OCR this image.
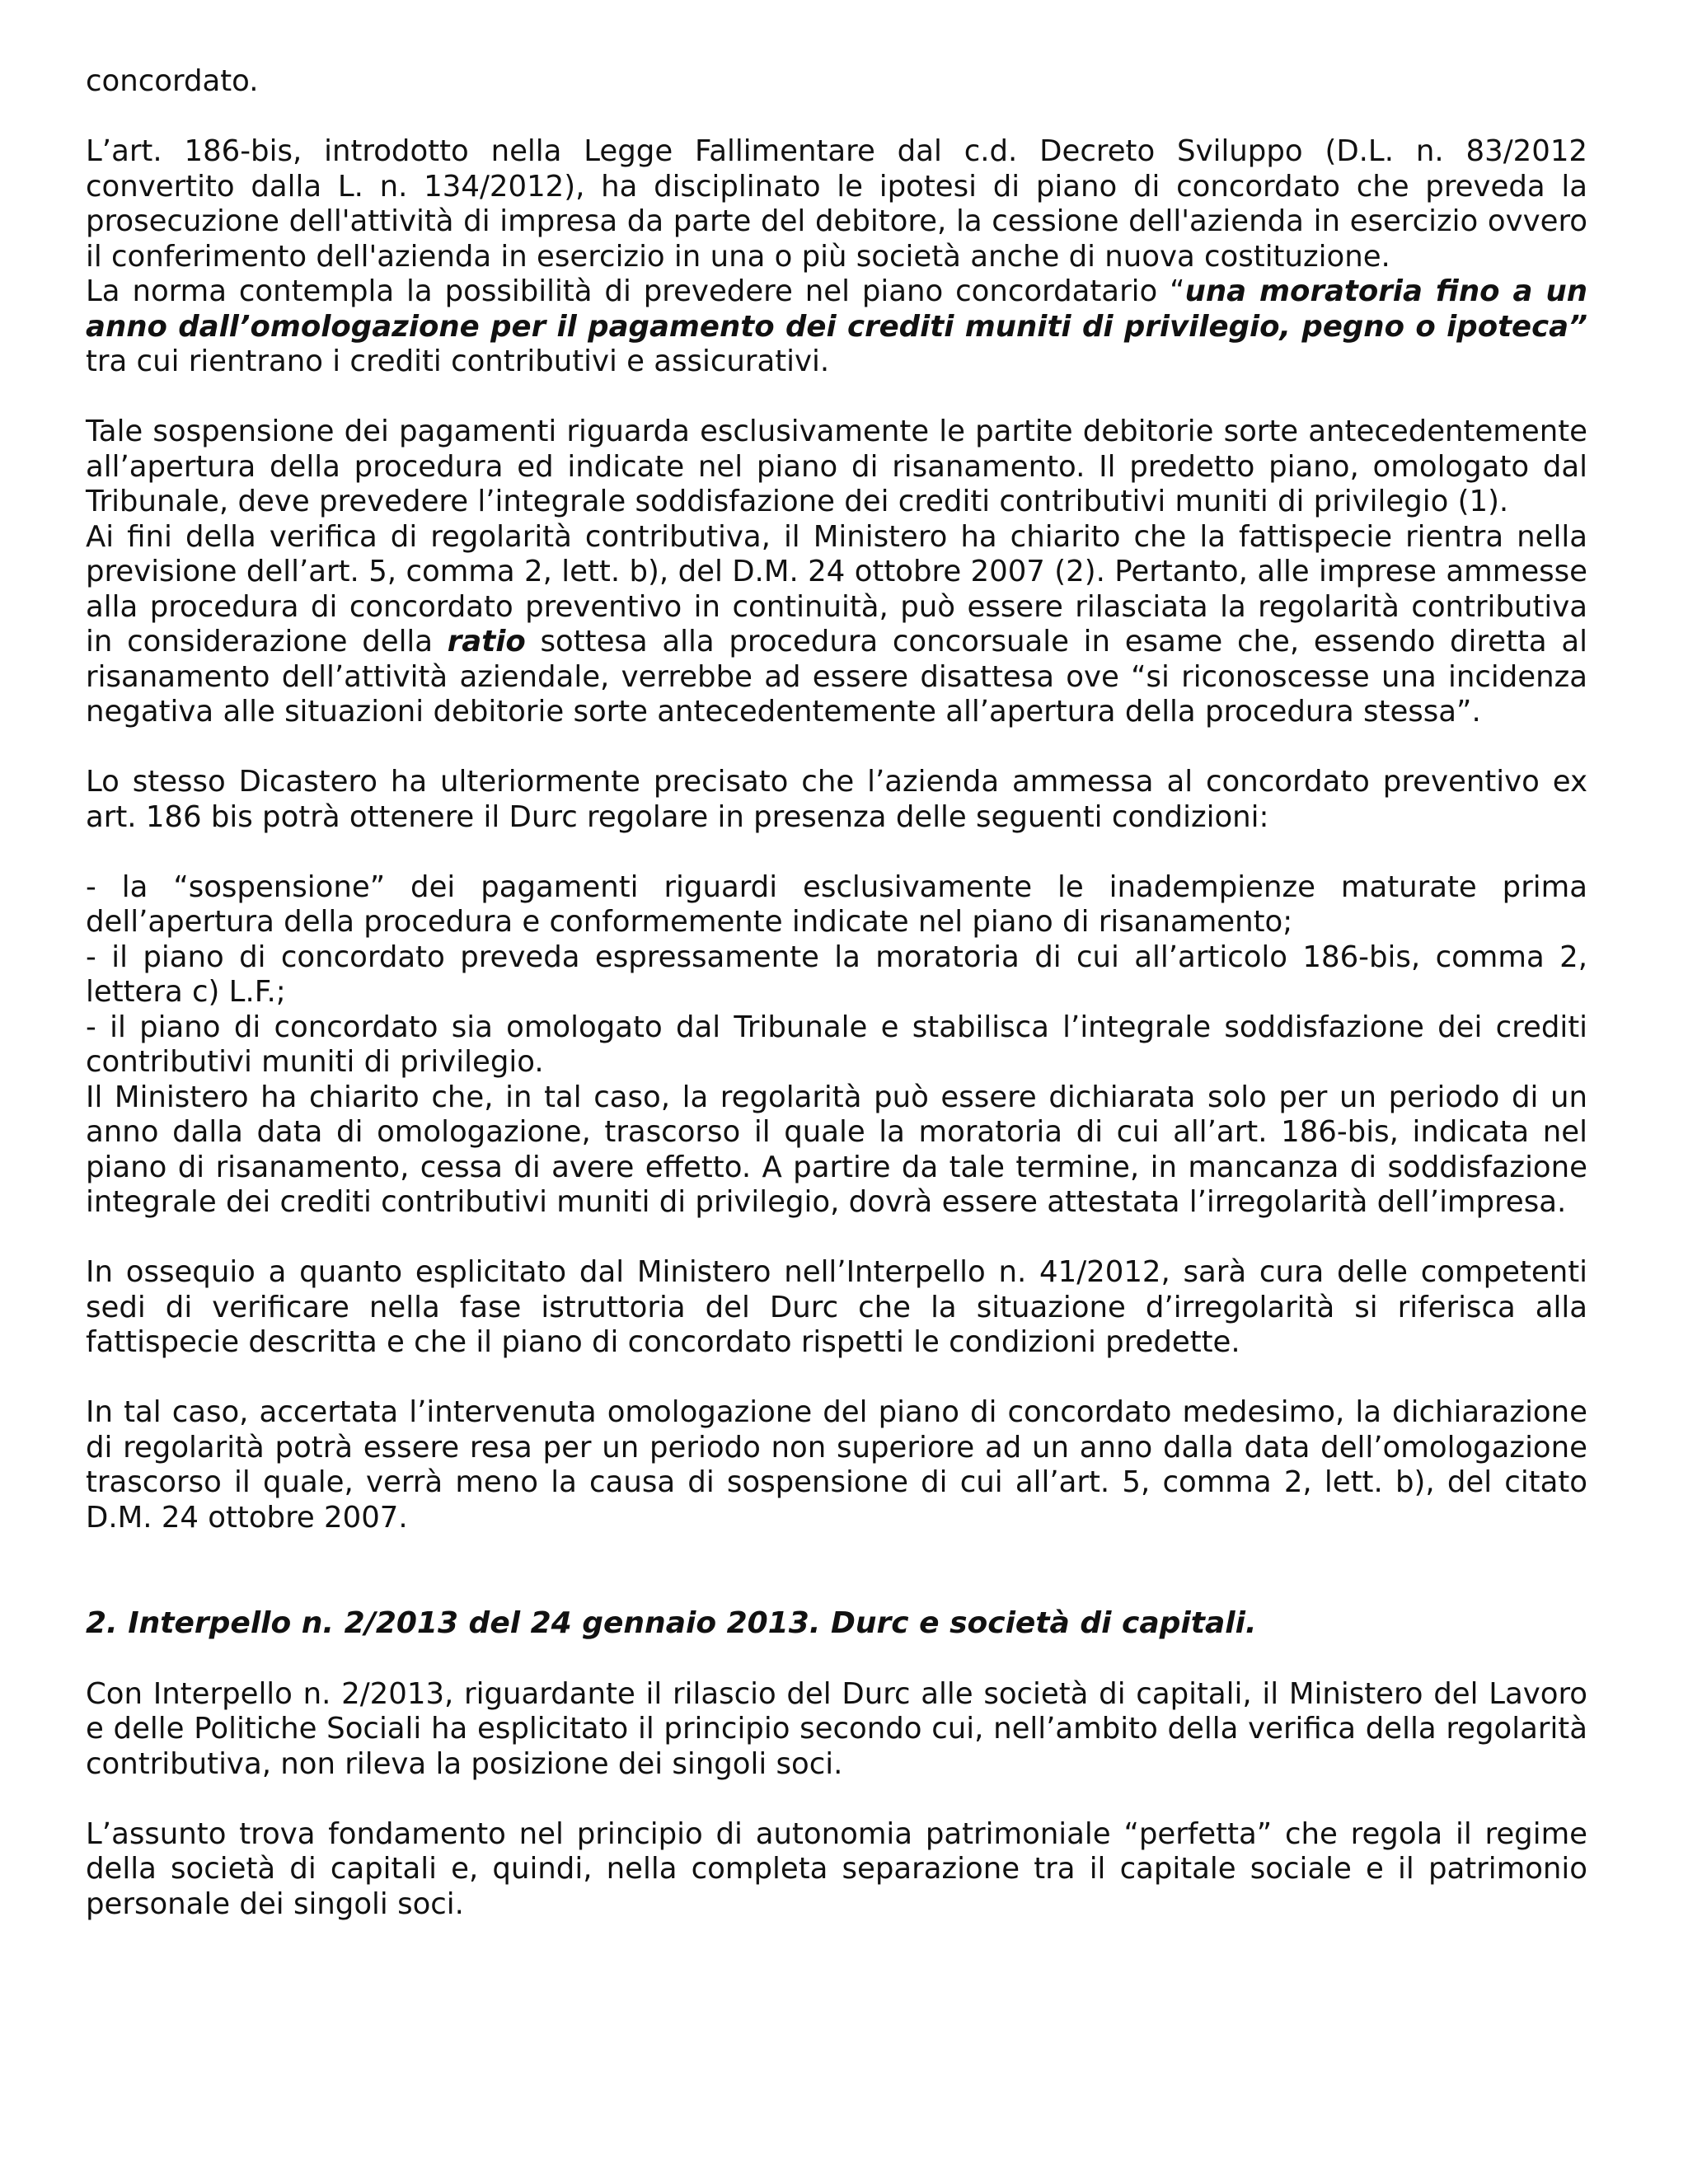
concordato.

L’art. 186-bis, introdotto nella Legge Fallimentare dal c.d. Decreto Sviluppo (D.L. n. 83/2012 convertito dalla L. n. 134/2012), ha disciplinato le ipotesi di piano di concordato che preveda la prosecuzione dell'attività di impresa da parte del debitore, la cessione dell'azienda in esercizio ovvero il conferimento dell'azienda in esercizio in una o più società anche di nuova costituzione.

La norma contempla la possibilità di prevedere nel piano concordatario “una moratoria fino a un anno dall’omologazione per il pagamento dei crediti muniti di privilegio, pegno o ipoteca” tra cui rientrano i crediti contributivi e assicurativi.

Tale sospensione dei pagamenti riguarda esclusivamente le partite debitorie sorte antecedentemente all’apertura della procedura ed indicate nel piano di risanamento. Il predetto piano, omologato dal Tribunale, deve prevedere l’integrale soddisfazione dei crediti contributivi muniti di privilegio (1).

Ai fini della verifica di regolarità contributiva, il Ministero ha chiarito che la fattispecie rientra nella previsione dell’art. 5, comma 2, lett. b), del D.M. 24 ottobre 2007 (2). Pertanto, alle imprese ammesse alla procedura di concordato preventivo in continuità, può essere rilasciata la regolarità contributiva in considerazione della ratio sottesa alla procedura concorsuale in esame che, essendo diretta al risanamento dell’attività aziendale, verrebbe ad essere disattesa ove “si riconoscesse una incidenza negativa alle situazioni debitorie sorte antecedentemente all’apertura della procedura stessa”.

Lo stesso Dicastero ha ulteriormente precisato che l’azienda ammessa al concordato preventivo ex art. 186 bis potrà ottenere il Durc regolare in presenza delle seguenti condizioni:

- la “sospensione” dei pagamenti riguardi esclusivamente le inadempienze maturate prima dell’apertura della procedura e conformemente indicate nel piano di risanamento;

- il piano di concordato preveda espressamente la moratoria di cui all’articolo 186-bis, comma 2, lettera c) L.F.;

- il piano di concordato sia omologato dal Tribunale e stabilisca l’integrale soddisfazione dei crediti contributivi muniti di privilegio.

Il Ministero ha chiarito che, in tal caso, la regolarità può essere dichiarata solo per un periodo di un anno dalla data di omologazione, trascorso il quale la moratoria di cui all’art. 186-bis, indicata nel piano di risanamento, cessa di avere effetto. A partire da tale termine, in mancanza di soddisfazione integrale dei crediti contributivi muniti di privilegio, dovrà essere attestata l’irregolarità dell’impresa.

In ossequio a quanto esplicitato dal Ministero nell’Interpello n. 41/2012, sarà cura delle competenti sedi di verificare nella fase istruttoria del Durc che la situazione d’irregolarità si riferisca alla fattispecie descritta e che il piano di concordato rispetti le condizioni predette.

In tal caso, accertata l’intervenuta omologazione del piano di concordato medesimo, la dichiarazione di regolarità potrà essere resa per un periodo non superiore ad un anno dalla data dell’omologazione trascorso il quale, verrà meno la causa di sospensione di cui all’art. 5, comma 2, lett. b), del citato D.M. 24 ottobre 2007.

2. Interpello n. 2/2013 del 24 gennaio 2013. Durc e società di capitali.

Con Interpello n. 2/2013, riguardante il rilascio del Durc alle società di capitali, il Ministero del Lavoro e delle Politiche Sociali ha esplicitato il principio secondo cui, nell’ambito della verifica della regolarità contributiva, non rileva la posizione dei singoli soci.

L’assunto trova fondamento nel principio di autonomia patrimoniale “perfetta” che regola il regime della società di capitali e, quindi, nella completa separazione tra il capitale sociale e il patrimonio personale dei singoli soci.
